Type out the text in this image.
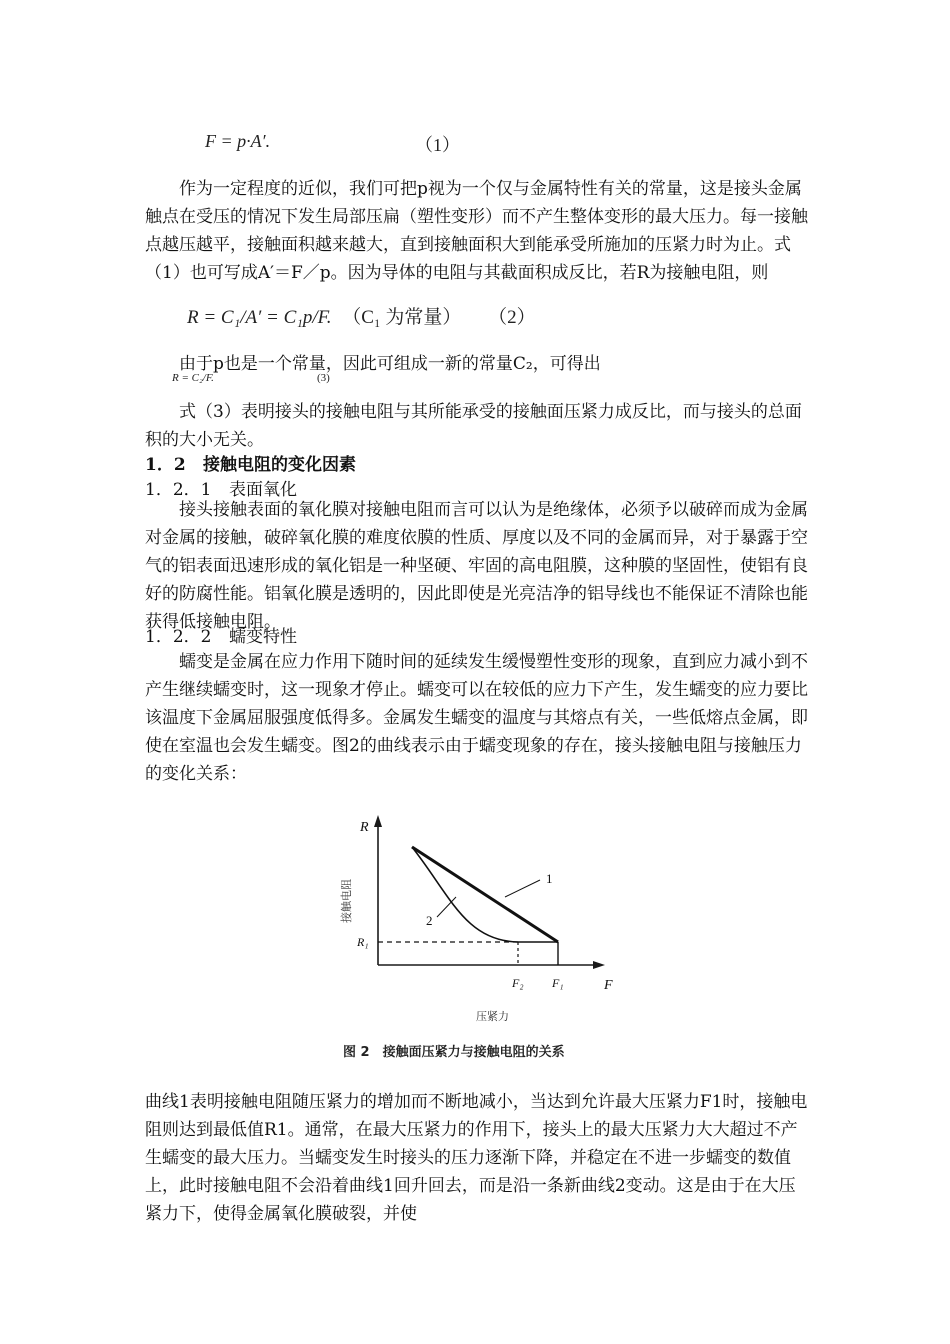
F = p·A′.	（1）

作为一定程度的近似，我们可把p视为一个仅与金属特性有关的常量，这是接头金属触点在受压的情况下发生局部压扁（塑性变形）而不产生整体变形的最大压力。每一接触点越压越平，接触面积越来越大，直到接触面积大到能承受所施加的压紧力时为止。式（1）也可写成A′＝F／p。因为导体的电阻与其截面积成反比，若R为接触电阻，则

R = C₁/A′ = C₁p/F. （C₁ 为常量） （2）

由于p也是一个常量，因此可组成一新的常量C₂，可得出

R = C₂/F.	(3)

式（3）表明接头的接触电阻与其所能承受的接触面压紧力成反比，而与接头的总面积的大小无关。

1．2 接触电阻的变化因素
1．2．1 表面氧化

接头接触表面的氧化膜对接触电阻而言可以认为是绝缘体，必须予以破碎而成为金属对金属的接触，破碎氧化膜的难度依膜的性质、厚度以及不同的金属而异，对于暴露于空气的铝表面迅速形成的氧化铝是一种坚硬、牢固的高电阻膜，这种膜的坚固性，使铝有良好的防腐性能。铝氧化膜是透明的，因此即使是光亮洁净的铝导线也不能保证不清除也能获得低接触电阻。

1．2．2 蠕变特性

蠕变是金属在应力作用下随时间的延续发生缓慢塑性变形的现象，直到应力减小到不产生继续蠕变时，这一现象才停止。蠕变可以在较低的应力下产生，发生蠕变的应力要比该温度下金属屈服强度低得多。金属发生蠕变的温度与其熔点有关，一些低熔点金属，即使在室温也会发生蠕变。图2的曲线表示由于蠕变现象的存在，接头接触电阻与接触压力的变化关系：

R
F
R₁
F₂ F₁
1
2
接触电阻
压紧力
图 2　接触面压紧力与接触电阻的关系

曲线1表明接触电阻随压紧力的增加而不断地减小，当达到允许最大压紧力F1时，接触电阻则达到最低值R1。通常，在最大压紧力的作用下，接头上的最大压紧力大大超过不产生蠕变的最大压力。当蠕变发生时接头的压力逐渐下降，并稳定在不进一步蠕变的数值上，此时接触电阻不会沿着曲线1回升回去，而是沿一条新曲线2变动。这是由于在大压紧力下，使得金属氧化膜破裂，并使
